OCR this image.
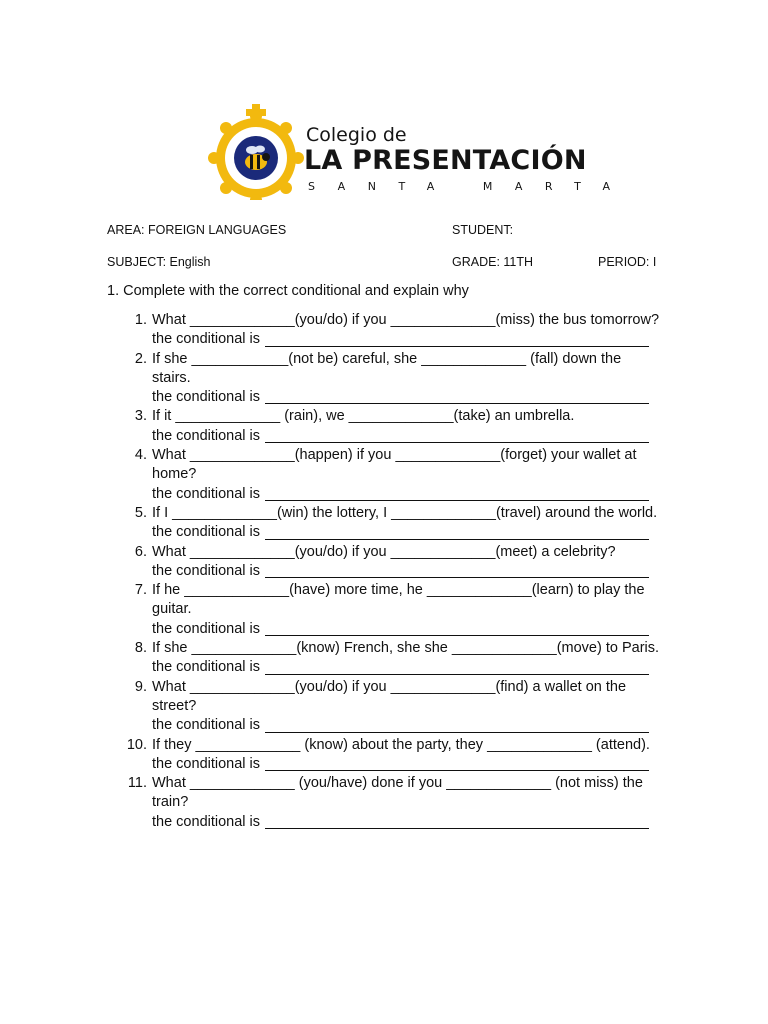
Colegio de
LA PRESENTACIÓN
SANTA MARTA
AREA: FOREIGN LANGUAGES	STUDENT:
SUBJECT: English	GRADE: 11TH	PERIOD: I
1. Complete with the correct conditional and explain why
1. What _____________(you/do) if you _____________(miss) the bus tomorrow?
the conditional is
2. If she ____________(not be) careful, she _____________ (fall) down the stairs.
the conditional is
3. If it _____________ (rain), we _____________(take) an umbrella.
the conditional is
4. What _____________(happen) if you _____________(forget) your wallet at home?
the conditional is
5. If I _____________(win) the lottery, I _____________(travel) around the world.
the conditional is
6. What _____________(you/do) if you _____________(meet) a celebrity?
the conditional is
7. If he _____________(have) more time, he _____________(learn) to play the guitar.
the conditional is
8. If she _____________(know) French, she she _____________(move) to Paris.
the conditional is
9. What _____________(you/do) if you _____________(find) a wallet on the street?
the conditional is
10. If they _____________ (know) about the party, they _____________ (attend).
the conditional is
11. What _____________ (you/have) done if you _____________ (not miss) the train?
the conditional is
